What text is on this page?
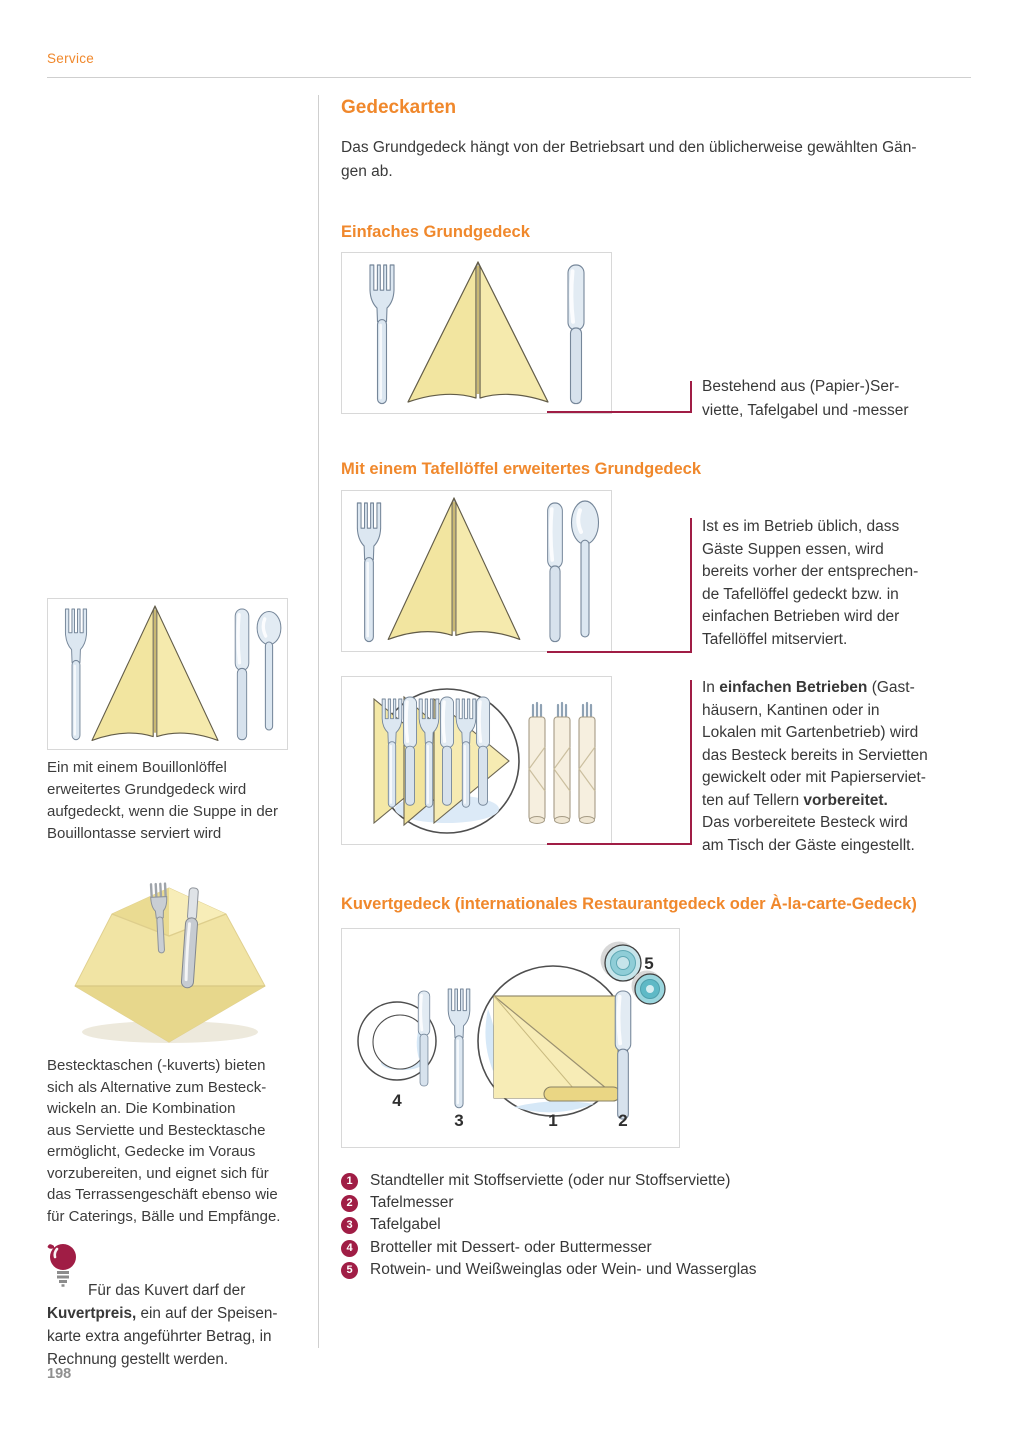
Service
Gedeckarten
Das Grundgedeck hängt von der Betriebsart und den üblicherweise gewählten Gän-
gen ab.
Einfaches Grundgedeck
Bestehend aus (Papier-)Ser-
viette, Tafelgabel und -messer
Mit einem Tafellöffel erweitertes Grundgedeck
Ist es im Betrieb üblich, dass
Gäste Suppen essen, wird
bereits vorher der entsprechen-
de Tafellöffel gedeckt bzw. in
einfachen Betrieben wird der
Tafellöffel mitserviert.
In einfachen Betrieben (Gast-
häusern, Kantinen oder in
Lokalen mit Gartenbetrieb) wird
das Besteck bereits in Servietten
gewickelt oder mit Papierserviet-
ten auf Tellern vorbereitet.
Das vorbereitete Besteck wird
am Tisch der Gäste eingestellt.
Kuvertgedeck (internationales Restaurantgedeck oder À-la-carte-Gedeck)
4
3	1	2
5
1	Standteller mit Stoffserviette (oder nur Stoffserviette)
2	Tafelmesser
3	Tafelgabel
4	Brotteller mit Dessert- oder Buttermesser
5	Rotwein- und Weißweinglas oder Wein- und Wasserglas
Ein mit einem Bouillonlöffel
erweitertes Grundgedeck wird
aufgedeckt, wenn die Suppe in der
Bouillontasse serviert wird
Bestecktaschen (-kuverts) bieten
sich als Alternative zum Besteck-
wickeln an. Die Kombination
aus Serviette und Bestecktasche
ermöglicht, Gedecke im Voraus
vorzubereiten, und eignet sich für
das Terrassengeschäft ebenso wie
für Caterings, Bälle und Empfänge.
Für das Kuvert darf der
Kuvertpreis, ein auf der Speisen-
karte extra angeführter Betrag, in
Rechnung gestellt werden.
198
